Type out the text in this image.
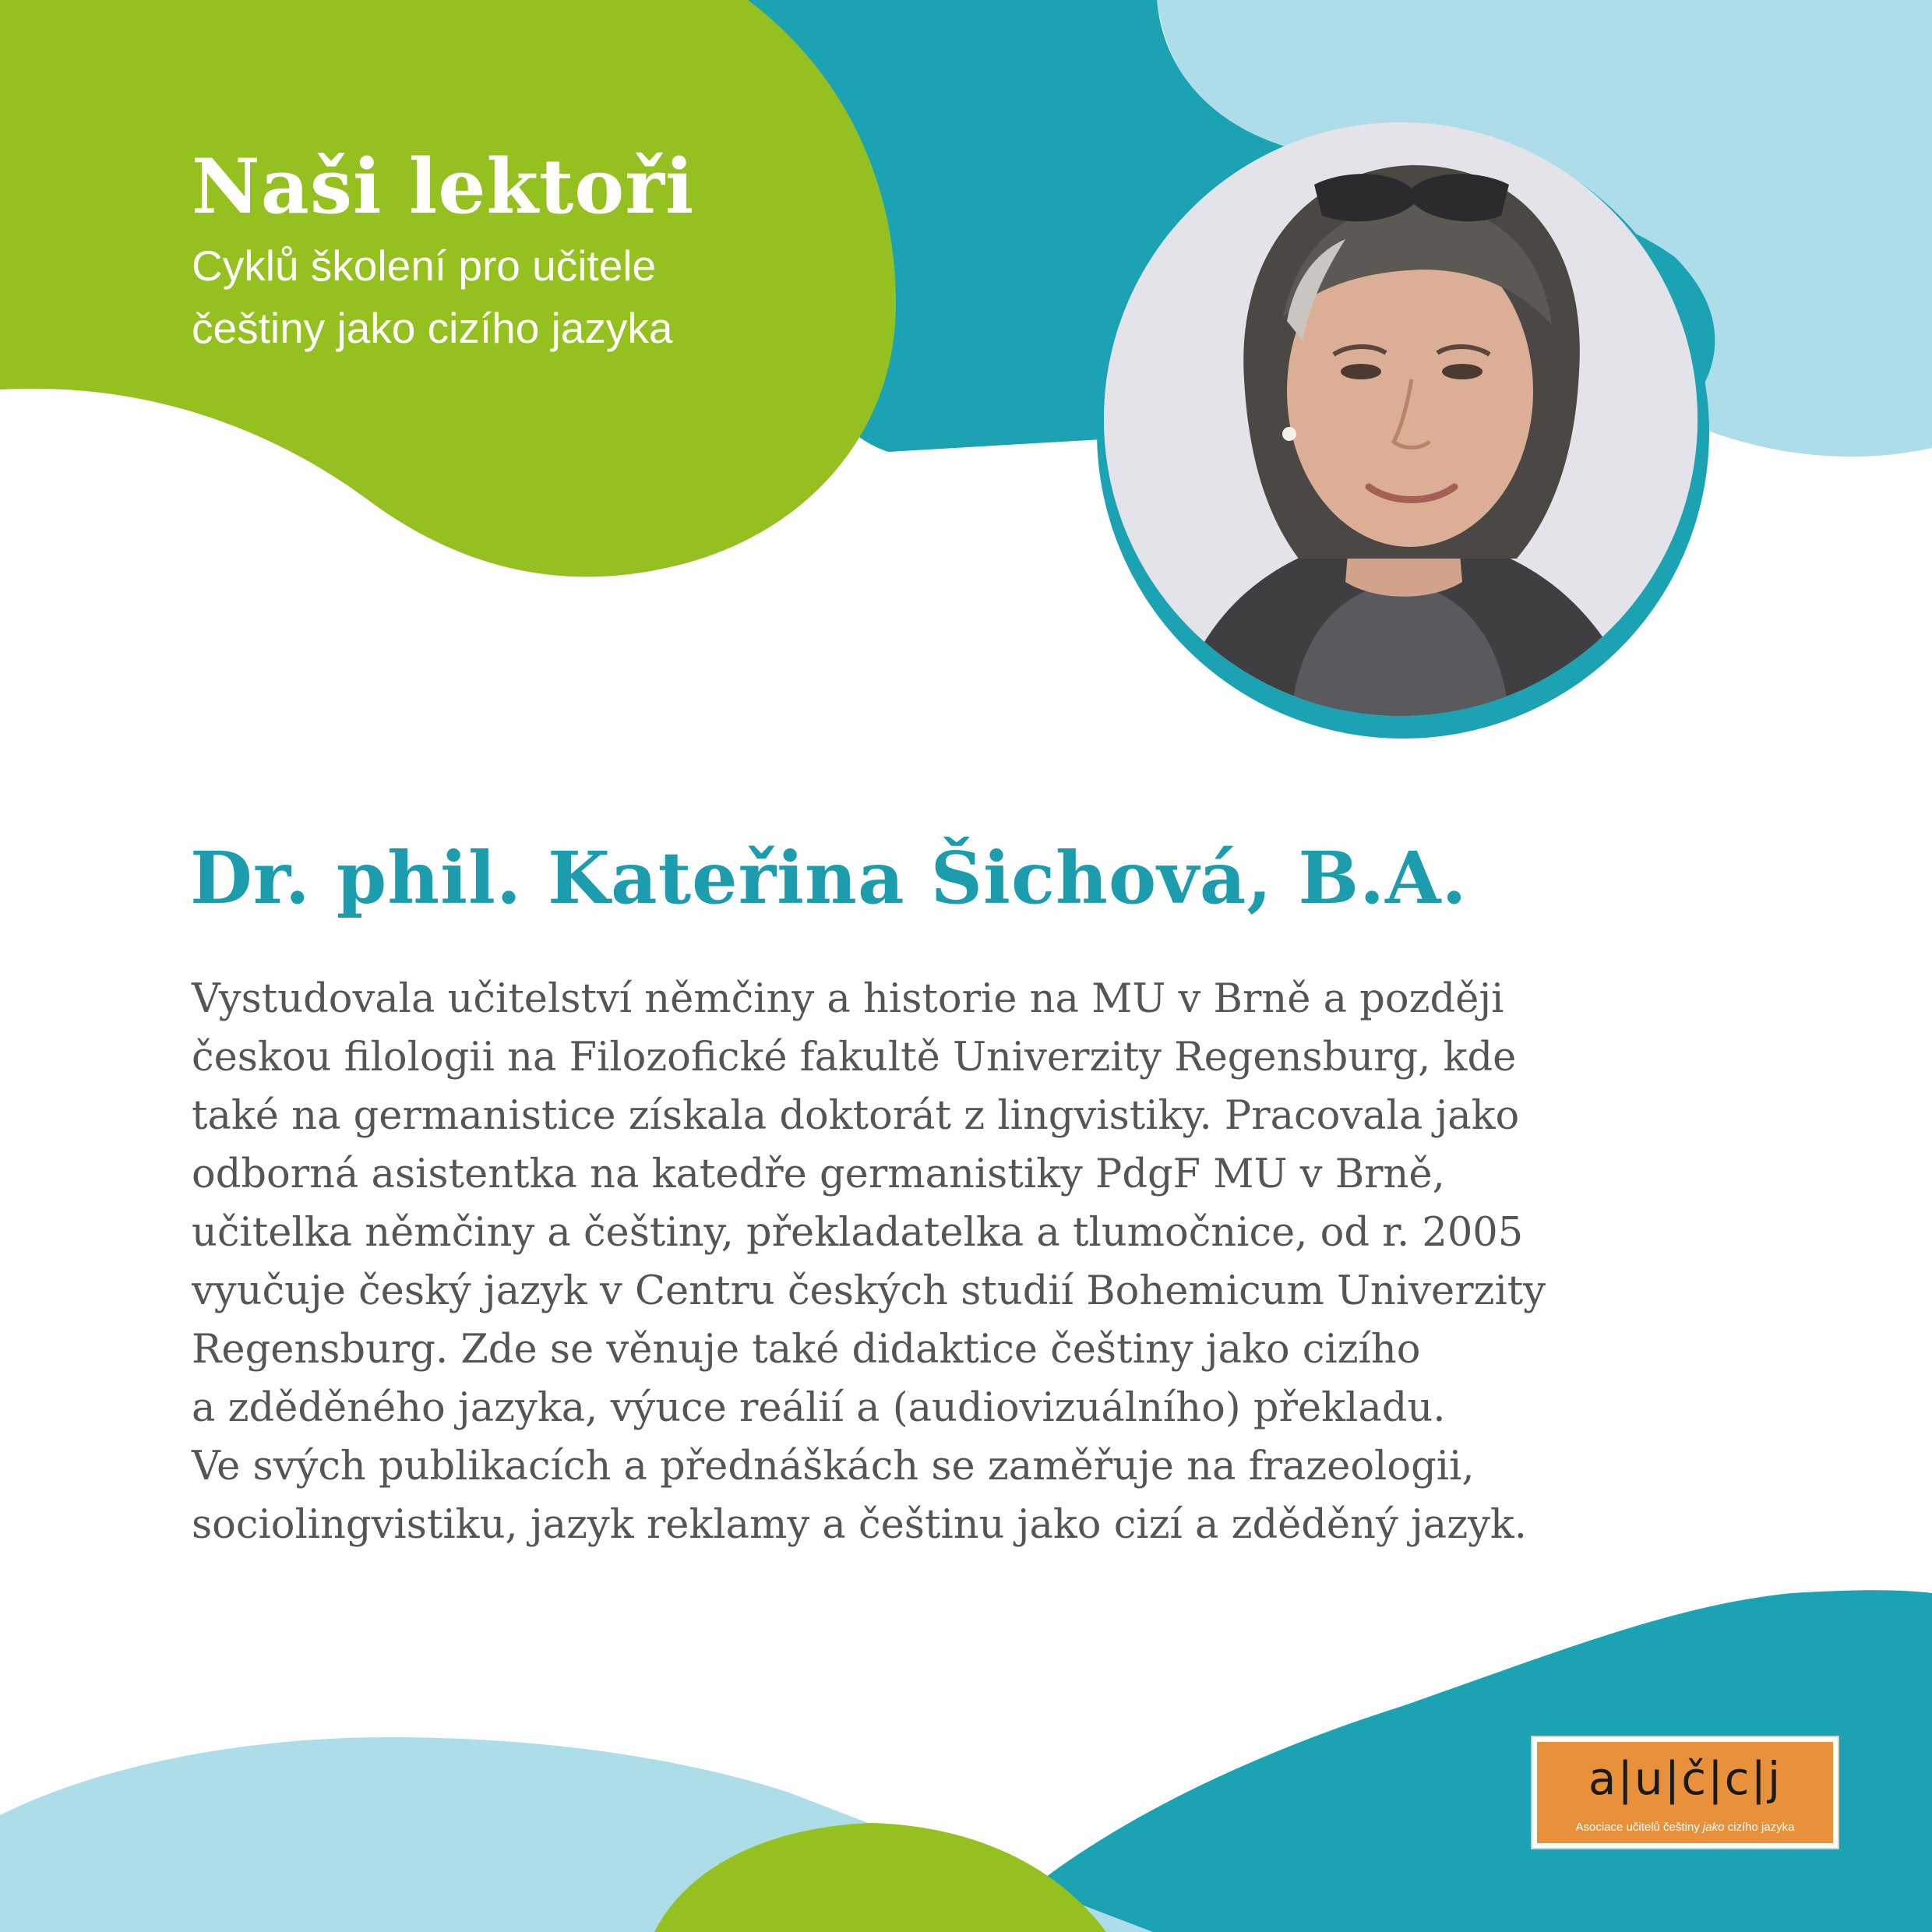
Naši lektoři
Cyklů školení pro učitele
češtiny jako cizího jazyka
Dr. phil. Kateřina Šichová, B.A.
Vystudovala učitelství němčiny a historie na MU v Brně a později
českou filologii na Filozofické fakultě Univerzity Regensburg, kde
také na germanistice získala doktorát z lingvistiky. Pracovala jako
odborná asistentka na katedře germanistiky PdgF MU v Brně,
učitelka němčiny a češtiny, překladatelka a tlumočnice, od r. 2005
vyučuje český jazyk v Centru českých studií Bohemicum Univerzity
Regensburg. Zde se věnuje také didaktice češtiny jako cizího
a zděděného jazyka, výuce reálií a (audiovizuálního) překladu.
Ve svých publikacích a přednáškách se zaměřuje na frazeologii,
sociolingvistiku, jazyk reklamy a češtinu jako cizí a zděděný jazyk.
a|u|č|c|j
Asociace učitelů češtiny jako cizího jazyka
